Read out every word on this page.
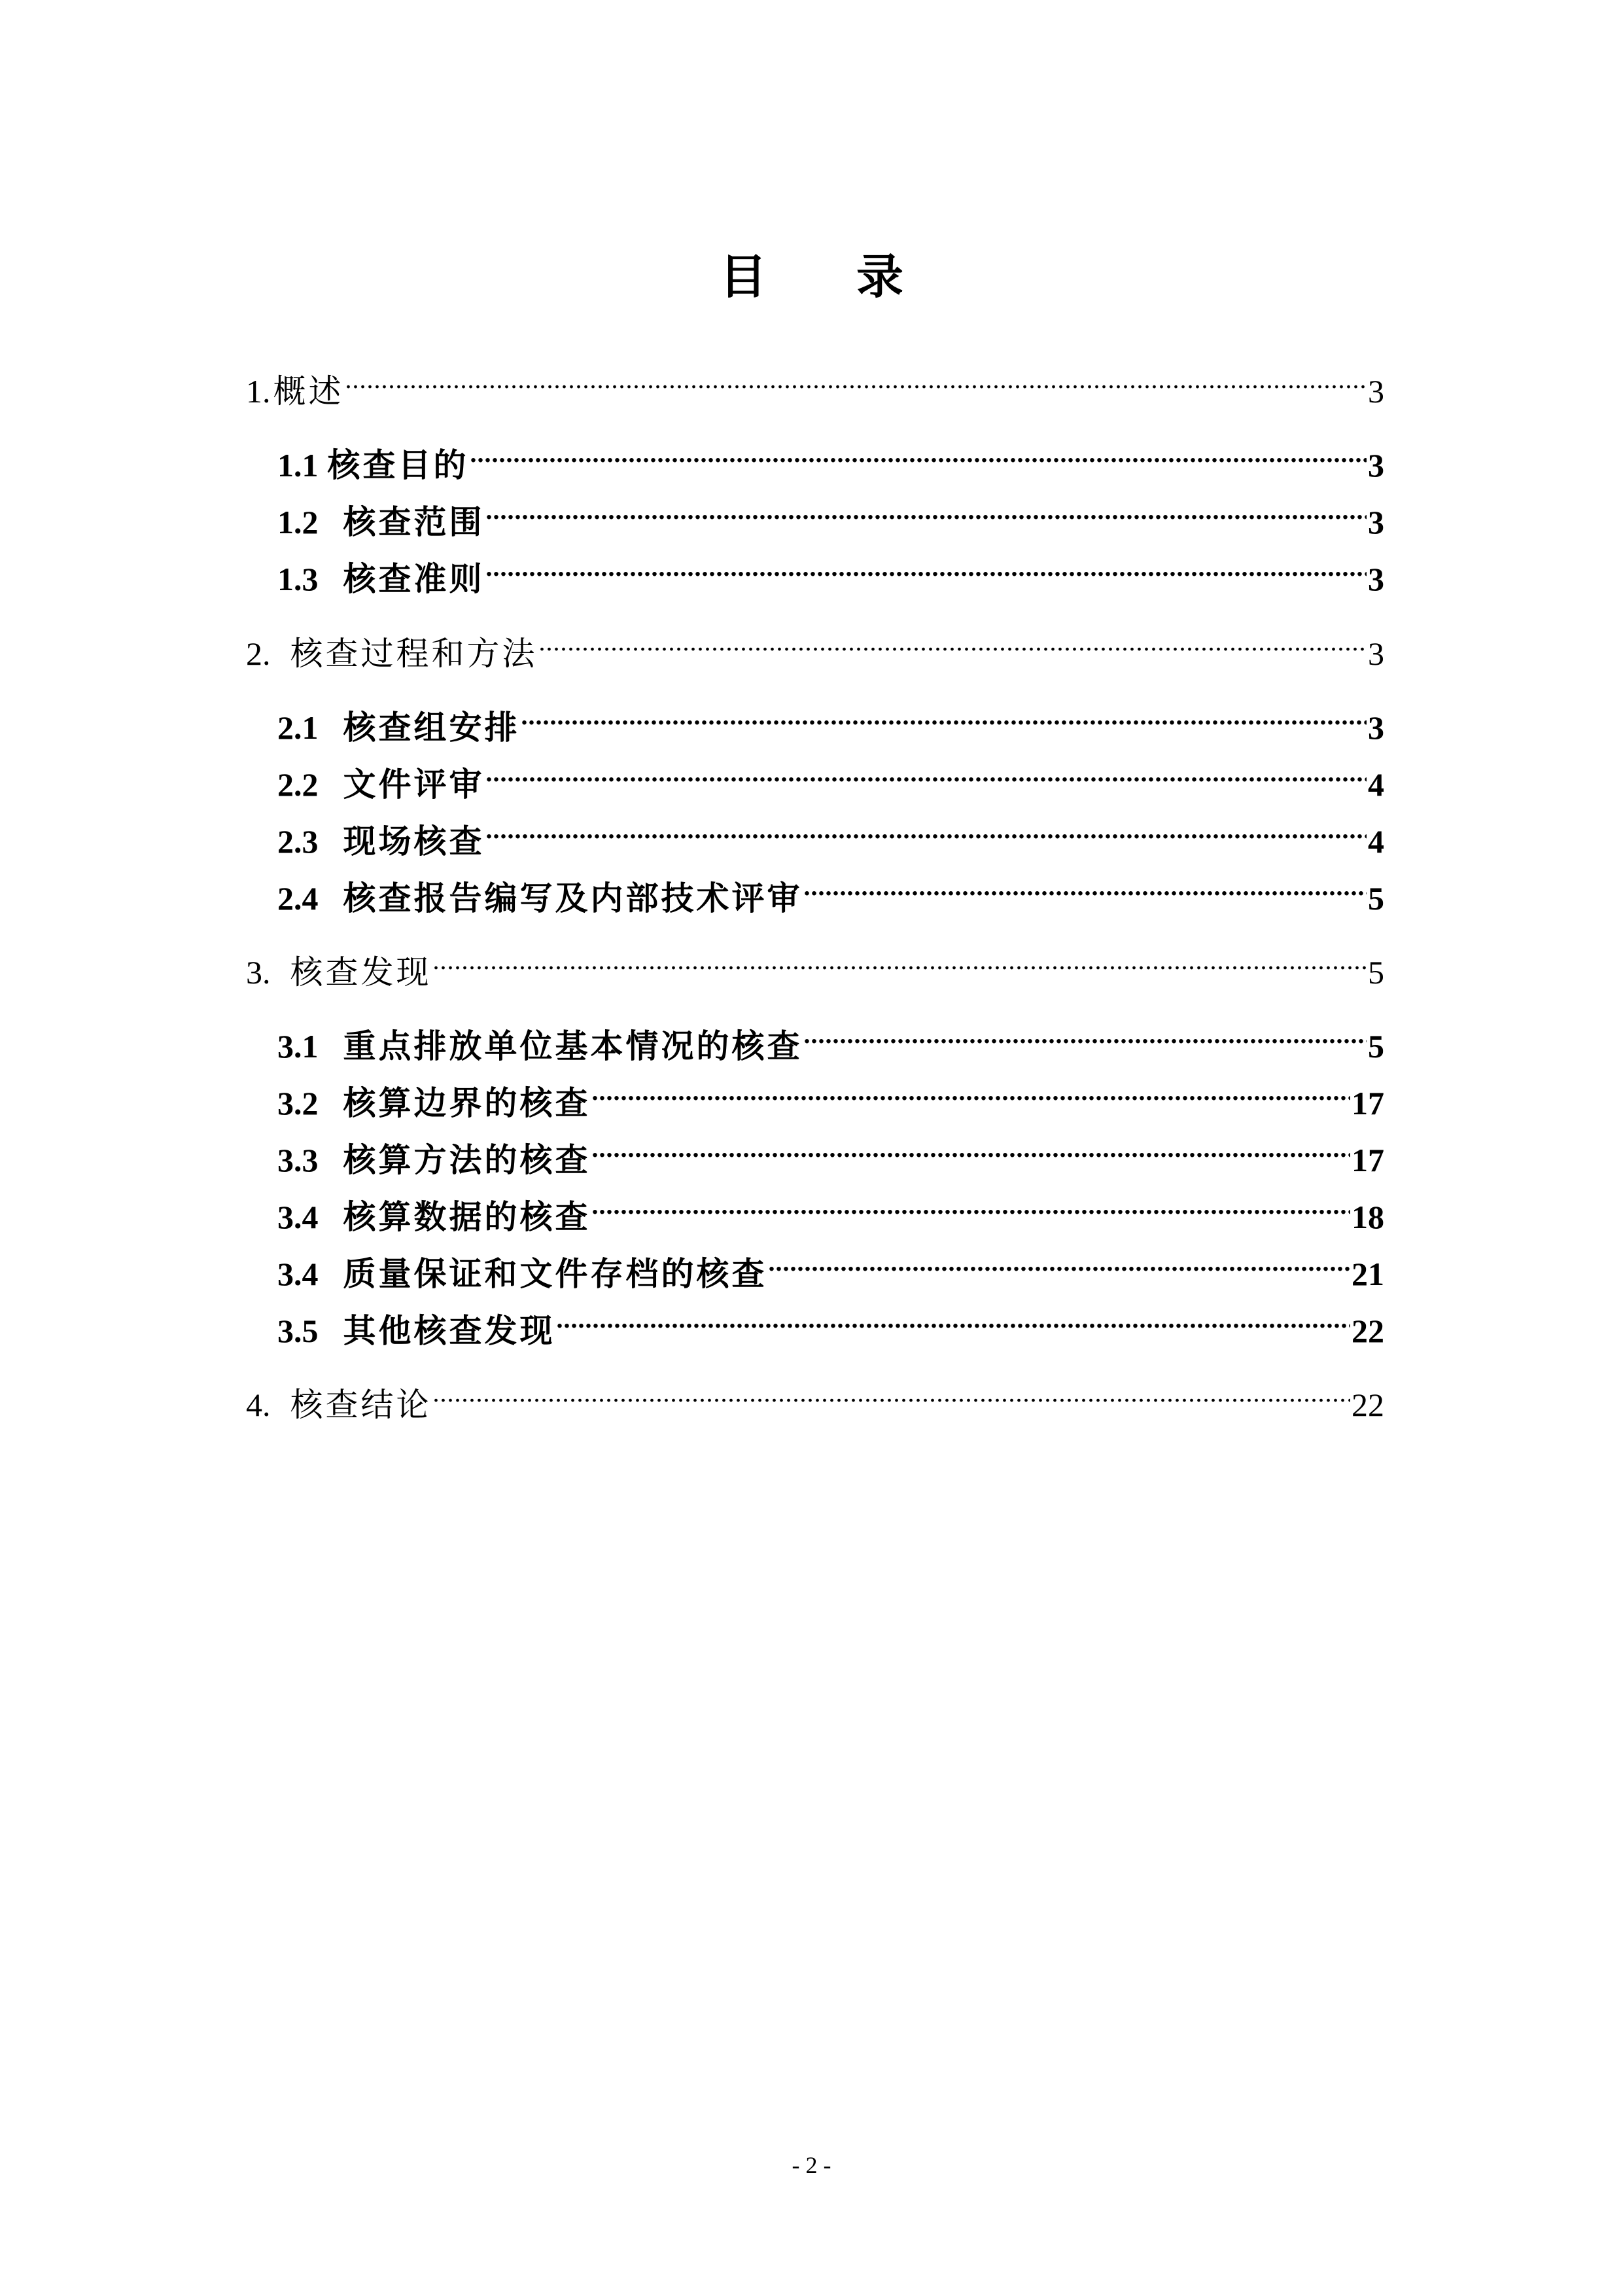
目 录
1. 概述 .....	3
1.1 核查目的 .....	3
1.2 核查范围 .....	3
1.3 核查准则 .....	3
2. 核查过程和方法 .....	3
2.1 核查组安排 .....	3
2.2 文件评审 .....	4
2.3 现场核查 .....	4
2.4 核查报告编写及内部技术评审 .....	5
3. 核查发现 .....	5
3.1 重点排放单位基本情况的核查 .....	5
3.2 核算边界的核查 .....	17
3.3 核算方法的核查 .....	17
3.4 核算数据的核查 .....	18
3.4 质量保证和文件存档的核查 .....	21
3.5 其他核查发现 .....	22
4. 核查结论 .....	22
- 2 -
